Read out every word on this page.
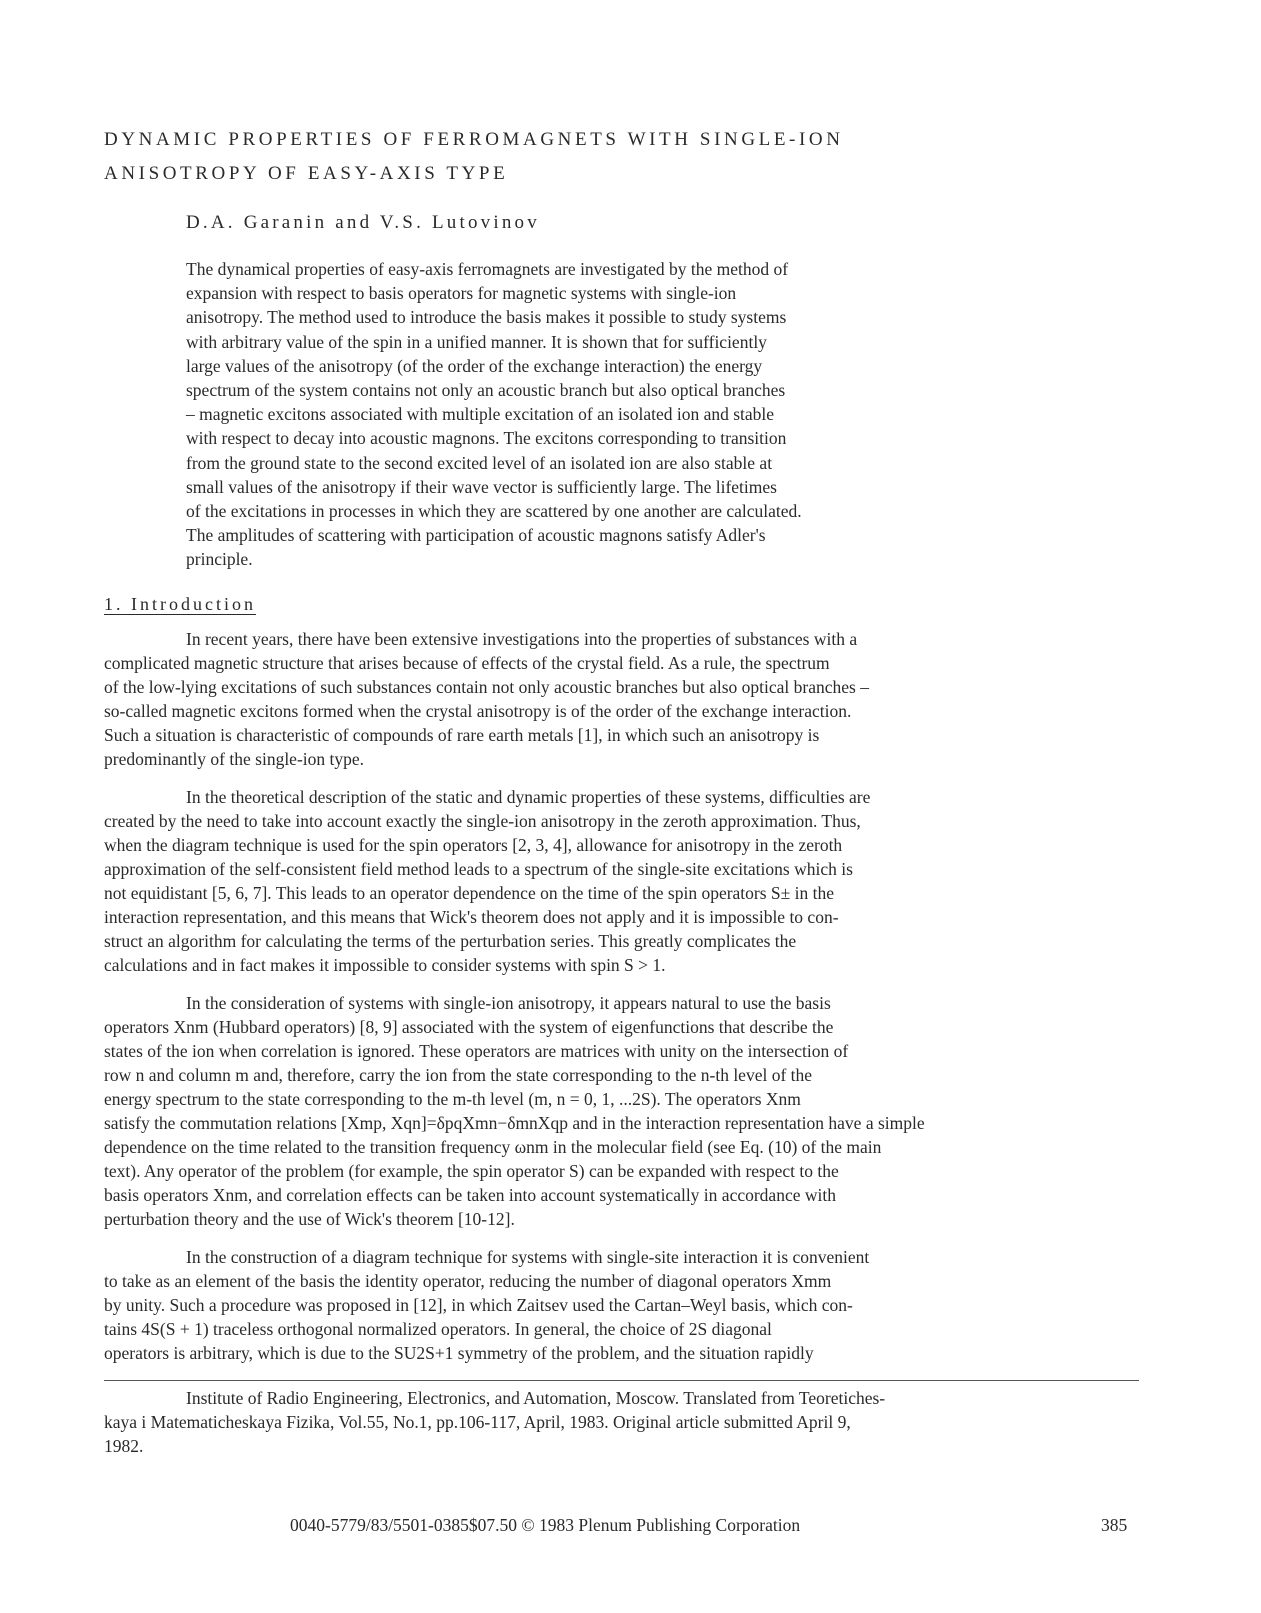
DYNAMIC PROPERTIES OF FERROMAGNETS WITH SINGLE-ION
ANISOTROPY OF EASY-AXIS TYPE
D.A. Garanin and V.S. Lutovinov
The dynamical properties of easy-axis ferromagnets are investigated by the method of
expansion with respect to basis operators for magnetic systems with single-ion
anisotropy. The method used to introduce the basis makes it possible to study systems
with arbitrary value of the spin in a unified manner. It is shown that for sufficiently
large values of the anisotropy (of the order of the exchange interaction) the energy
spectrum of the system contains not only an acoustic branch but also optical branches
– magnetic excitons associated with multiple excitation of an isolated ion and stable
with respect to decay into acoustic magnons. The excitons corresponding to transition
from the ground state to the second excited level of an isolated ion are also stable at
small values of the anisotropy if their wave vector is sufficiently large. The lifetimes
of the excitations in processes in which they are scattered by one another are calculated.
The amplitudes of scattering with participation of acoustic magnons satisfy Adler's
principle.
1. Introduction

In recent years, there have been extensive investigations into the properties of substances with a
complicated magnetic structure that arises because of effects of the crystal field. As a rule, the spectrum
of the low-lying excitations of such substances contain not only acoustic branches but also optical branches –
so-called magnetic excitons formed when the crystal anisotropy is of the order of the exchange interaction.
Such a situation is characteristic of compounds of rare earth metals [1], in which such an anisotropy is
predominantly of the single-ion type.

In the theoretical description of the static and dynamic properties of these systems, difficulties are
created by the need to take into account exactly the single-ion anisotropy in the zeroth approximation. Thus,
when the diagram technique is used for the spin operators [2, 3, 4], allowance for anisotropy in the zeroth
approximation of the self-consistent field method leads to a spectrum of the single-site excitations which is
not equidistant [5, 6, 7]. This leads to an operator dependence on the time of the spin operators S± in the
interaction representation, and this means that Wick's theorem does not apply and it is impossible to con-
struct an algorithm for calculating the terms of the perturbation series. This greatly complicates the
calculations and in fact makes it impossible to consider systems with spin S > 1.

In the consideration of systems with single-ion anisotropy, it appears natural to use the basis
operators Xnm (Hubbard operators) [8, 9] associated with the system of eigenfunctions that describe the
states of the ion when correlation is ignored. These operators are matrices with unity on the intersection of
row n and column m and, therefore, carry the ion from the state corresponding to the n-th level of the
energy spectrum to the state corresponding to the m-th level (m, n = 0, 1, ...2S). The operators Xnm
satisfy the commutation relations [Xmp, Xqn]=δpqXmn−δmnXqp and in the interaction representation have a simple
dependence on the time related to the transition frequency ωnm in the molecular field (see Eq. (10) of the main
text). Any operator of the problem (for example, the spin operator S) can be expanded with respect to the
basis operators Xnm, and correlation effects can be taken into account systematically in accordance with
perturbation theory and the use of Wick's theorem [10-12].

In the construction of a diagram technique for systems with single-site interaction it is convenient
to take as an element of the basis the identity operator, reducing the number of diagonal operators Xmm
by unity. Such a procedure was proposed in [12], in which Zaitsev used the Cartan–Weyl basis, which con-
tains 4S(S + 1) traceless orthogonal normalized operators. In general, the choice of 2S diagonal
operators is arbitrary, which is due to the SU2S+1 symmetry of the problem, and the situation rapidly

Institute of Radio Engineering, Electronics, and Automation, Moscow. Translated from Teoretiches-
kaya i Matematicheskaya Fizika, Vol.55, No.1, pp.106-117, April, 1983. Original article submitted April 9,
1982.
0040-5779/83/5501-0385$07.50 © 1983 Plenum Publishing Corporation	385
